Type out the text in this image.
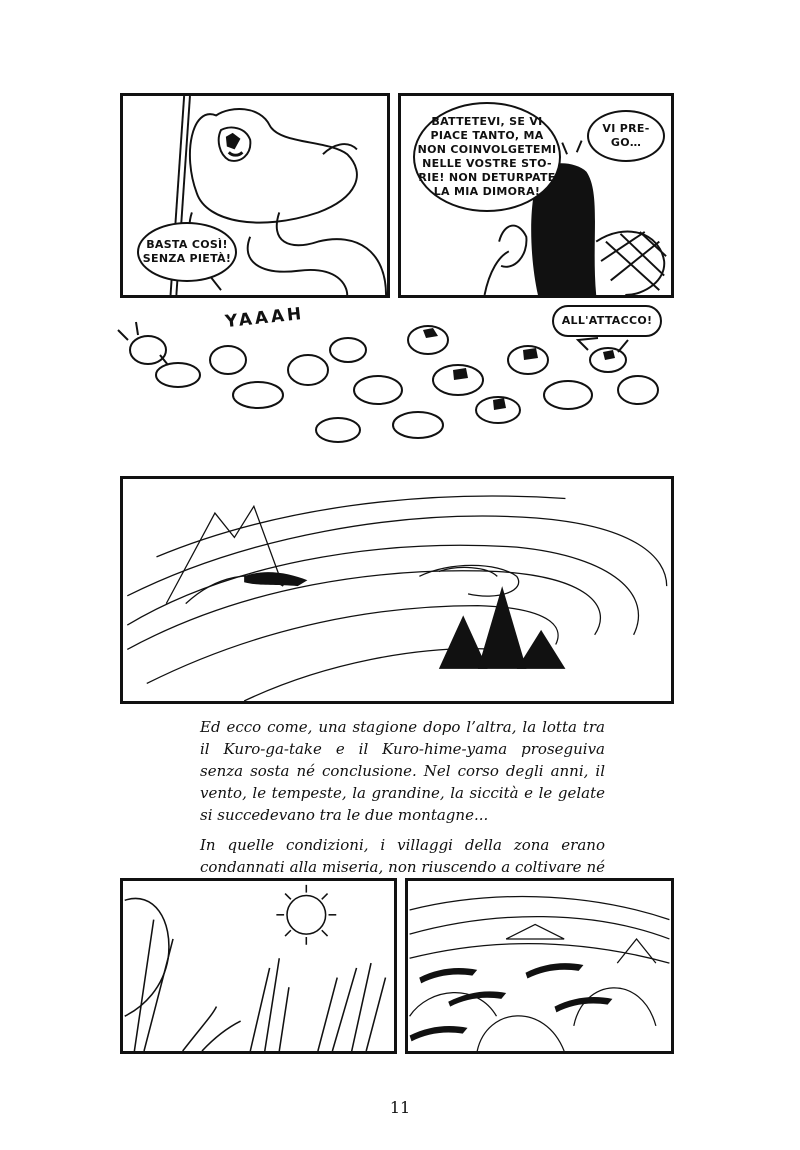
BASTA COSÌ!
SENZA PIETÀ!
BATTETEVI, SE VI
PIACE TANTO, MA
NON COINVOLGETEMI
NELLE VOSTRE STO-
RIE! NON DETURPATE
LA MIA DIMORA!
VI PRE-
GO…
YAAAH	ALL'ATTACCO!

Ed ecco come, una stagione dopo l’altra, la lotta tra il Kuro-ga-take e il Kuro-hime-yama proseguiva senza sosta né conclusione. Nel corso degli anni, il vento, le tempeste, la grandine, la siccità e le gelate si succedevano tra le due montagne...

In quelle condizioni, i villaggi della zona erano condannati alla miseria, non riuscendo a coltivare né

11
